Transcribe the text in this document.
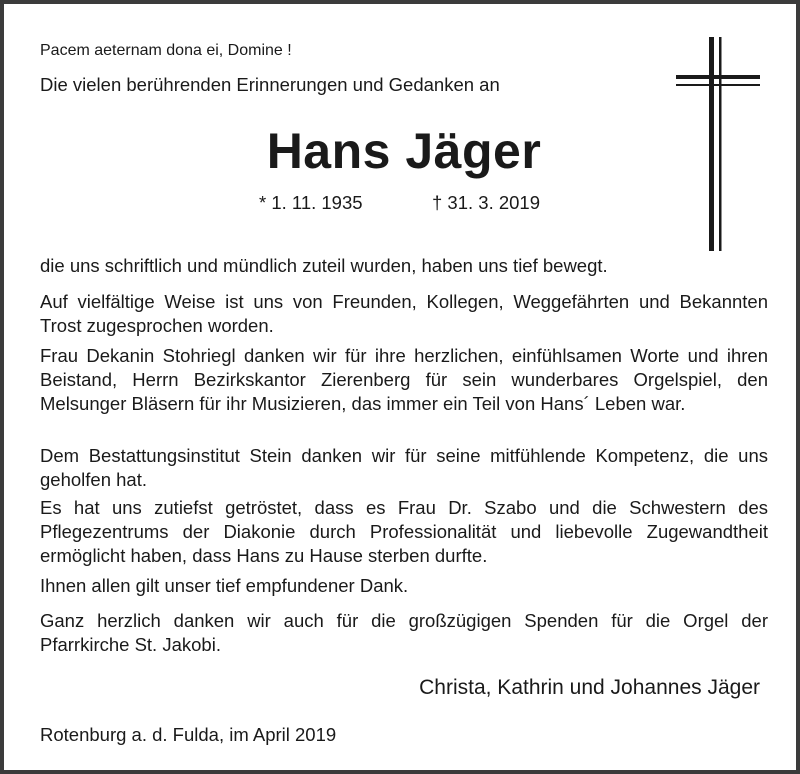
Pacem aeternam dona ei, Domine !
Die vielen berührenden Erinnerungen und Gedanken an
Hans Jäger
* 1. 11. 1935	† 31. 3. 2019

die uns schriftlich und mündlich zuteil wurden, haben uns tief bewegt.

Auf vielfältige Weise ist uns von Freunden, Kollegen, Weggefährten und Bekannten Trost zugesprochen worden.

Frau Dekanin Stohriegl danken wir für ihre herzlichen, einfühlsamen Worte und ihren Beistand, Herrn Bezirkskantor Zierenberg für sein wunderbares Orgelspiel, den Melsunger Bläsern für ihr Musizieren, das immer ein Teil von Hans´ Leben war.

Dem Bestattungsinstitut Stein danken wir für seine mitfühlende Kompetenz, die uns geholfen hat.

Es hat uns zutiefst getröstet, dass es Frau Dr. Szabo und die Schwestern des Pflegezentrums der Diakonie durch Professionalität und liebevolle Zugewandtheit ermöglicht haben, dass Hans zu Hause sterben durfte.

Ihnen allen gilt unser tief empfundener Dank.

Ganz herzlich danken wir auch für die großzügigen Spenden für die Orgel der Pfarrkirche St. Jakobi.

Christa, Kathrin und Johannes Jäger
Rotenburg a. d. Fulda, im April 2019
